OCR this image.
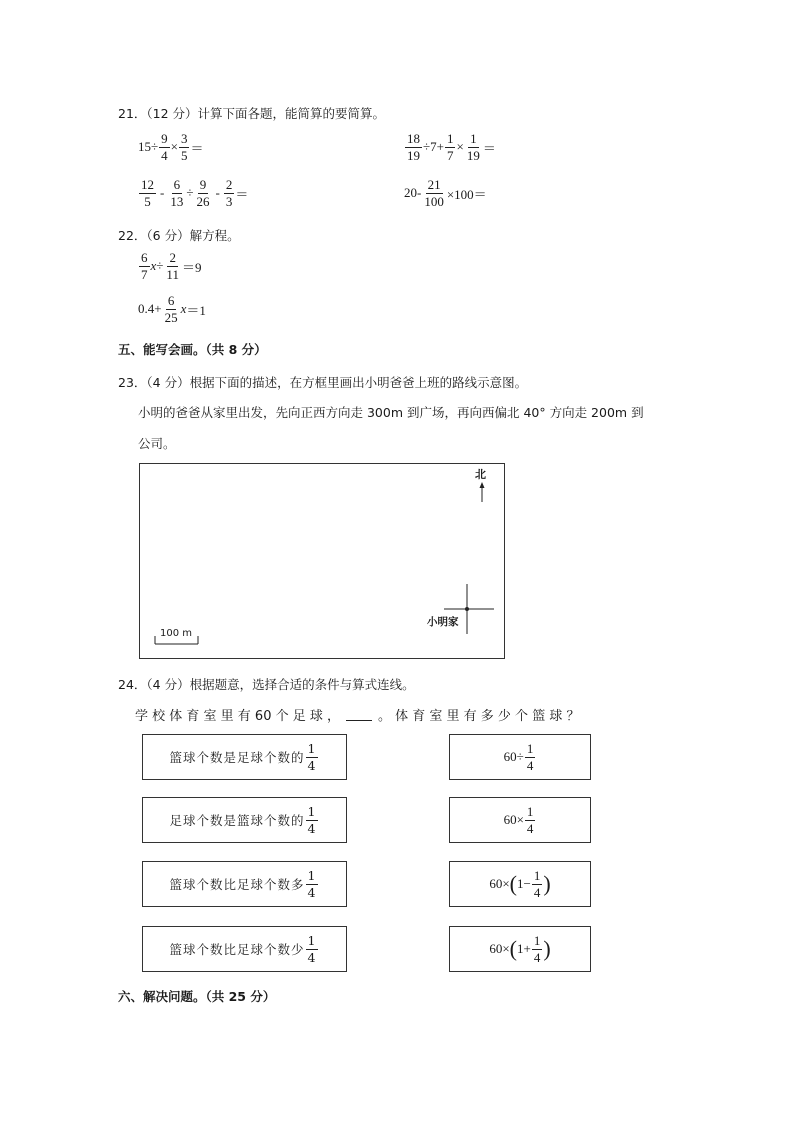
21．（12 分）计算下面各题，能简算的要简算。
$15\div \frac{9}{4} \times \frac{3}{5}$ ＝	$\frac{18}{19} \div 7+ \frac{1}{7} \times \frac{1}{19}$ ＝
$\frac{12}{5} - \frac{6}{13} \div \frac{9}{26} - \frac{2}{3}$ ＝	$20- \frac{21}{100} \times 100=$
22．（6 分）解方程。
$\frac{6}{7}$ $x \div \frac{2}{11} =9$
$0.4+ \frac{6}{25}$ x ＝1
五、能写会画。（共 8 分）
23．（4 分）根据下面的描述，在方框里画出小明爸爸上班的路线示意图。
小明的爸爸从家里出发，先向正西方向走 300m 到广场，再向西偏北 40° 方向走 200m 到
公司。
北
小明家
100 m
24．（4 分）根据题意，选择合适的条件与算式连线。
学 校 体 育 室 里 有 60 个 足 球 ，	。 体 育 室 里 有 多 少 个 篮 球 ？
篮球个数是足球个数的 $\frac{1}{4}$
足球个数是篮球个数的 $\frac{1}{4}$
篮球个数比足球个数多 $\frac{1}{4}$
篮球个数比足球个数少 $\frac{1}{4}$
$60\div \frac{1}{4}$
$60\times \frac{1}{4}$
60× ( $1- \frac{1}{4}$ )
60× ( $1+ \frac{1}{4}$ )
六、解决问题。（共 25 分）
